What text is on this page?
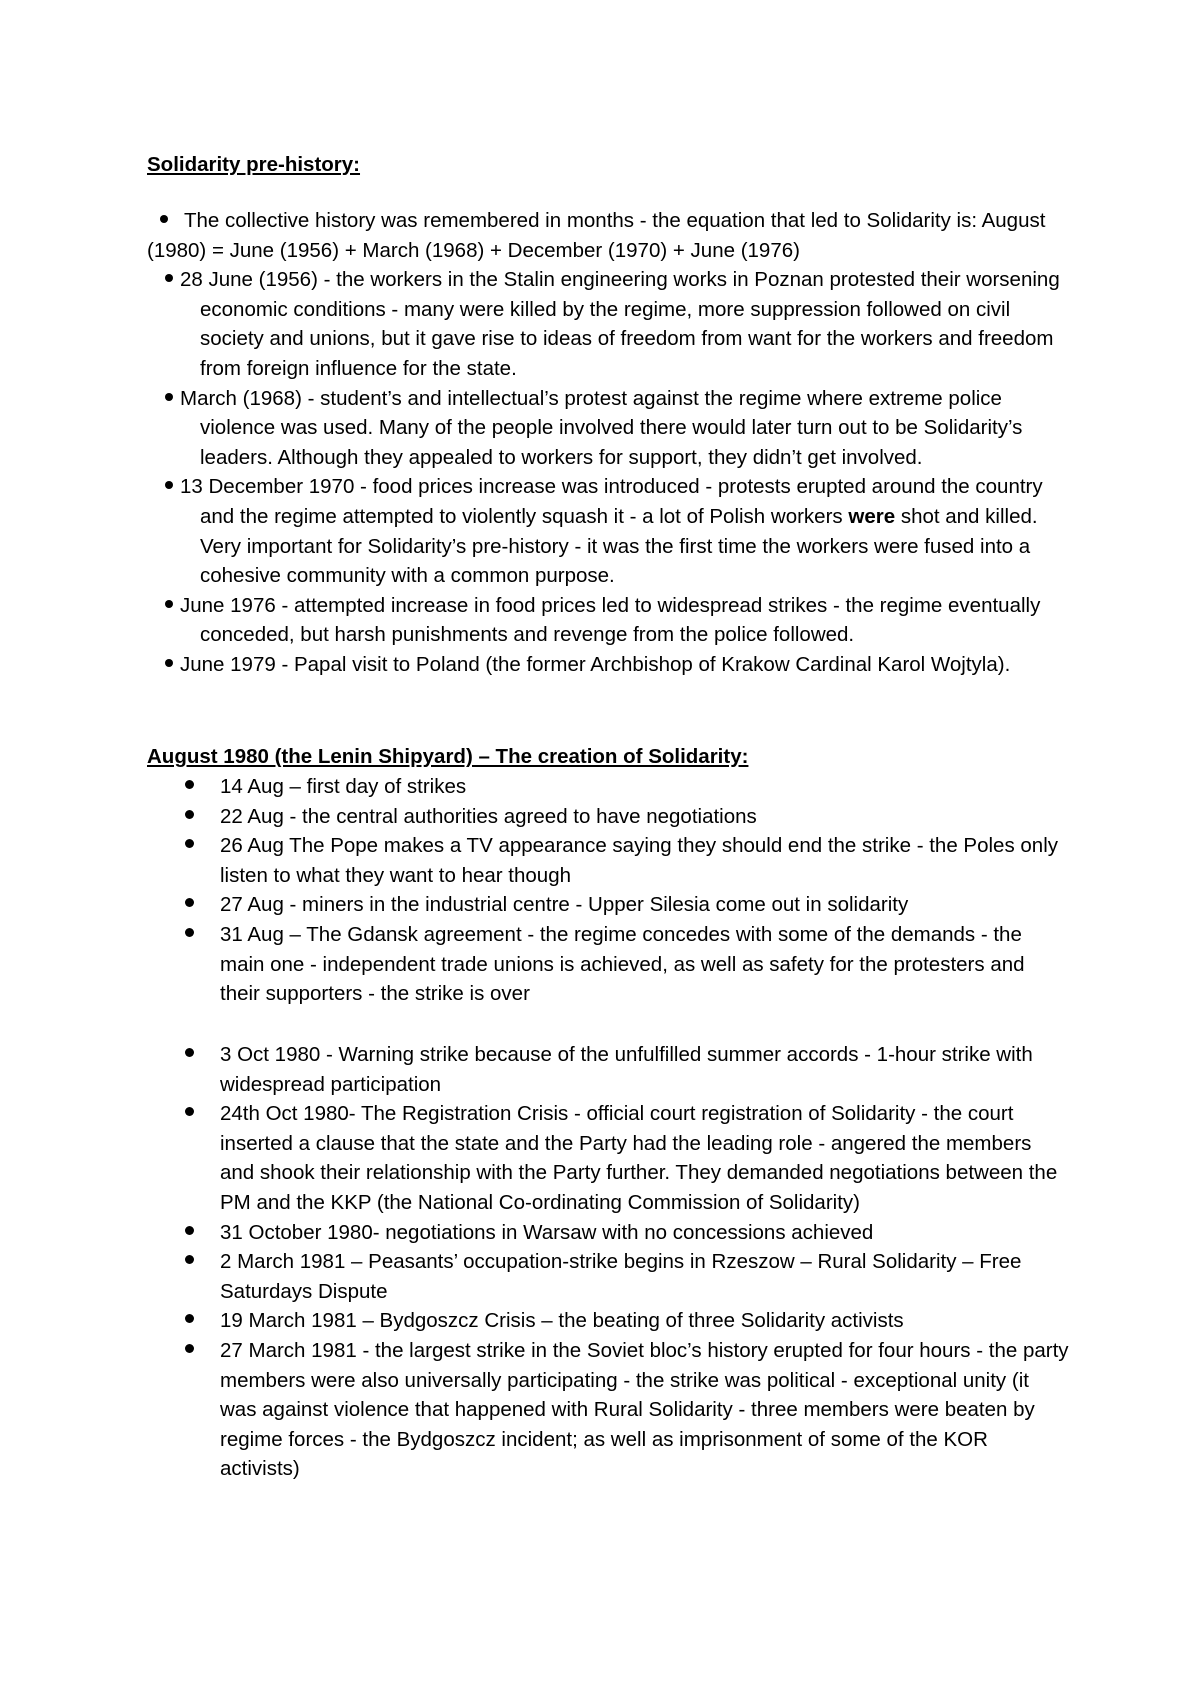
Solidarity pre-history:
The collective history was remembered in months - the equation that led to Solidarity is: August (1980) = June (1956) + March (1968) + December (1970) + June (1976)
28 June (1956) - the workers in the Stalin engineering works in Poznan protested their worsening economic conditions - many were killed by the regime, more suppression followed on civil society and unions, but it gave rise to ideas of freedom from want for the workers and freedom from foreign influence for the state.
March (1968) - student’s and intellectual’s protest against the regime where extreme police violence was used. Many of the people involved there would later turn out to be Solidarity’s leaders. Although they appealed to workers for support, they didn’t get involved.
13 December 1970 - food prices increase was introduced - protests erupted around the country and the regime attempted to violently squash it - a lot of Polish workers were shot and killed. Very important for Solidarity’s pre-history - it was the first time the workers were fused into a cohesive community with a common purpose.
June 1976 - attempted increase in food prices led to widespread strikes - the regime eventually conceded, but harsh punishments and revenge from the police followed.
June 1979 - Papal visit to Poland (the former Archbishop of Krakow Cardinal Karol Wojtyla).
August 1980 (the Lenin Shipyard) – The creation of Solidarity:
14 Aug – first day of strikes
22 Aug - the central authorities agreed to have negotiations
26 Aug The Pope makes a TV appearance saying they should end the strike - the Poles only listen to what they want to hear though
27 Aug - miners in the industrial centre - Upper Silesia come out in solidarity
31 Aug – The Gdansk agreement - the regime concedes with some of the demands - the main one - independent trade unions is achieved, as well as safety for the protesters and their supporters - the strike is over
3 Oct 1980 - Warning strike because of the unfulfilled summer accords - 1-hour strike with widespread participation
24th Oct 1980- The Registration Crisis - official court registration of Solidarity - the court inserted a clause that the state and the Party had the leading role - angered the members and shook their relationship with the Party further. They demanded negotiations between the PM and the KKP (the National Co-ordinating Commission of Solidarity)
31 October 1980- negotiations in Warsaw with no concessions achieved
2 March 1981 – Peasants’ occupation-strike begins in Rzeszow – Rural Solidarity – Free Saturdays Dispute
19 March 1981 – Bydgoszcz Crisis – the beating of three Solidarity activists
27 March 1981 - the largest strike in the Soviet bloc’s history erupted for four hours - the party members were also universally participating - the strike was political - exceptional unity (it was against violence that happened with Rural Solidarity - three members were beaten by regime forces - the Bydgoszcz incident; as well as imprisonment of some of the KOR activists)
